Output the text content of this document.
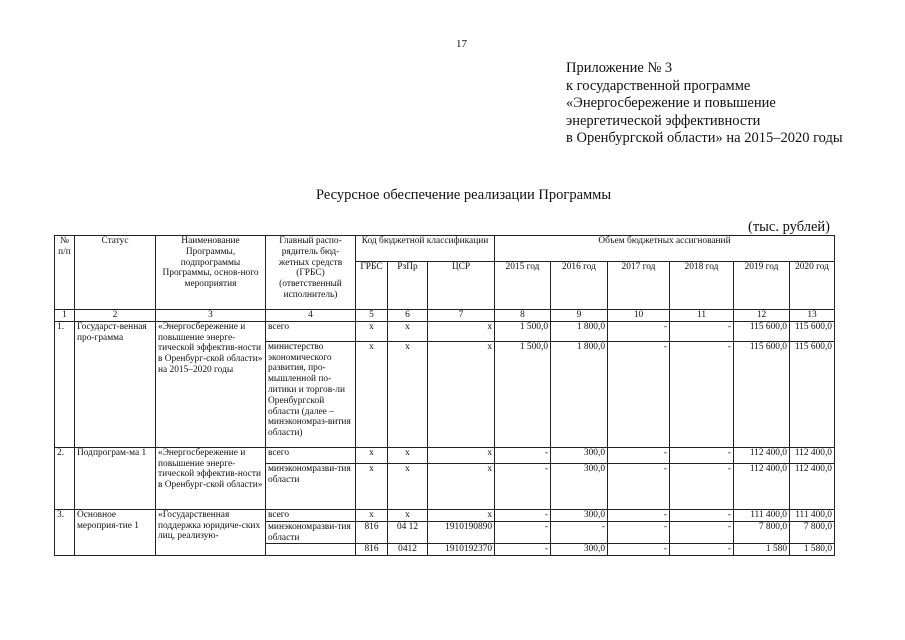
17
Приложение № 3
к государственной программе
«Энергосбережение и повышение
энергетической эффективности
в Оренбургской области» на 2015–2020 годы
Ресурсное обеспечение реализации Программы
(тыс. рублей)
№ п/п	Статус	Наименование Программы, подпрограммы Программы, основ-ного мероприятия	Главный распо-рядитель бюд-жетных средств (ГРБС) (ответственный исполнитель)	Код бюджетной классификации			Объем бюджетных ассигнований					
				ГРБС	РзПр	ЦСР	2015 год	2016 год	2017 год	2018 год	2019 год	2020 год
1	2	3	4	5	6	7	8	9	10	11	12	13
1.	Государст-венная про-грамма	«Энергосбережение и повышение энерге-тической эффектив-ности в Оренбург-ской области» на 2015–2020 годы	всего	х	х	х	1 500,0	1 800,0	-	-	115 600,0	115 600,0
			министерство экономического развития, про-мышленной по-литики и торгов-ли Оренбургской области (далее – минэкономраз-вития области)	х	х	х	1 500,0	1 800,0	-	-	115 600,0	115 600,0
2.	Подпрограм-ма 1	«Энергосбережение и повышение энерге-тической эффектив-ности в Оренбург-ской области»	всего	х	х	х	-	300,0	-	-	112 400,0	112 400,0
			минэкономразви-тия области	х	х	х	-	300,0	-	-	112 400,0	112 400,0
3.	Основное мероприя-тие 1	«Государственная поддержка юридиче-ских лиц, реализую-	всего	х	х	х	-	300,0	-	-	111 400,0	111 400,0
			минэкономразви-тия области	816	04 12	1910190890	-	-	-	-	7 800,0	7 800,0
				816	0412	1910192370	-	300,0	-	-	1 580	1 580,0
